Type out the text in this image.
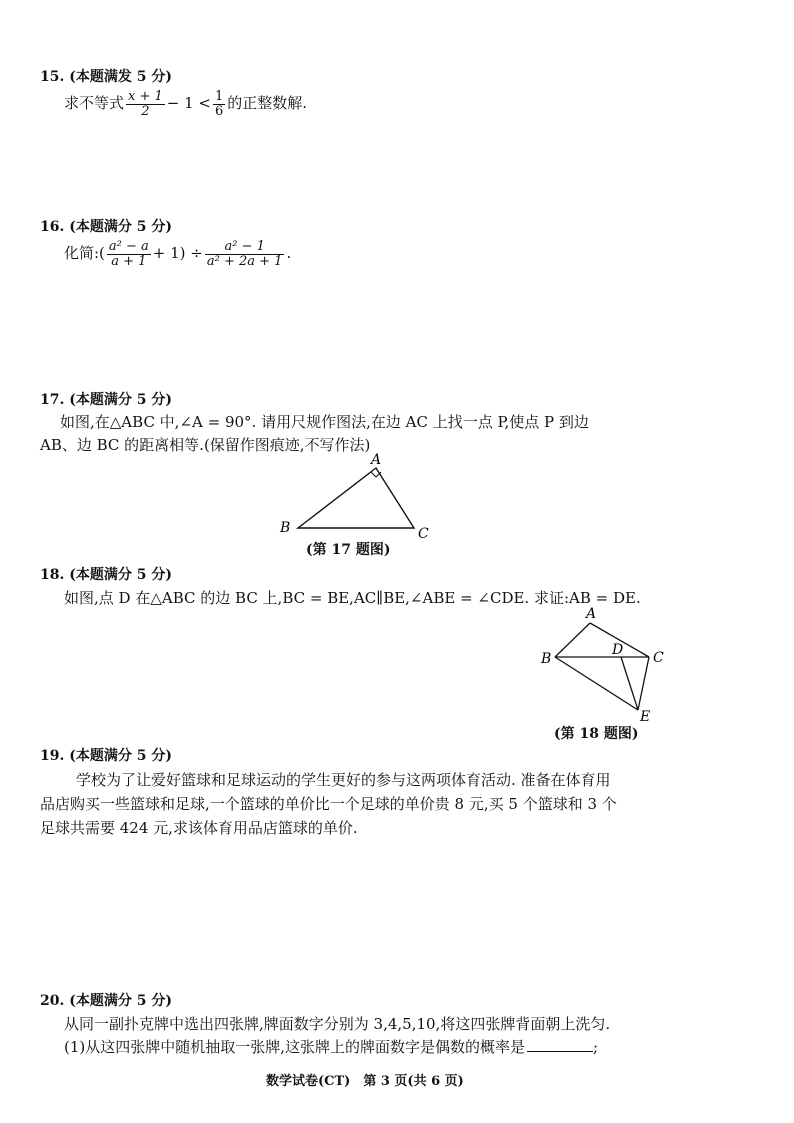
15. (本题满发 5 分)
求不等式 $\frac{x + 1}{2} - 1 < \frac{1}{6}$ 的正整数解.
16. (本题满分 5 分)
化简:( $\frac{\text{a² − a}}{a + 1} + 1) \div \frac{\text{a² − 1}}{\text{a² + 2a + 1}}$ .
17. (本题满分 5 分)
如图,在△ABC 中,∠A = 90°. 请用尺规作图法,在边 AC 上找一点 P,使点 P 到边
AB、边 BC 的距离相等.(保留作图痕迹,不写作法)
A
B	C
(第 17 题图)
18. (本题满分 5 分)
如图,点 D 在△ABC 的边 BC 上,BC = BE,AC∥BE,∠ABE = ∠CDE. 求证:AB = DE.
A
B	C
D
E
(第 18 题图)
19. (本题满分 5 分)
学校为了让爱好篮球和足球运动的学生更好的参与这两项体育活动. 准备在体育用
品店购买一些篮球和足球,一个篮球的单价比一个足球的单价贵 8 元,买 5 个篮球和 3 个
足球共需要 424 元,求该体育用品店篮球的单价.
20. (本题满分 5 分)
从同一副扑克牌中选出四张牌,牌面数字分别为 3,4,5,10,将这四张牌背面朝上洗匀.
(1)从这四张牌中随机抽取一张牌,这张牌上的牌面数字是偶数的概率是	;
数学试卷(CT)　第 3 页(共 6 页)
